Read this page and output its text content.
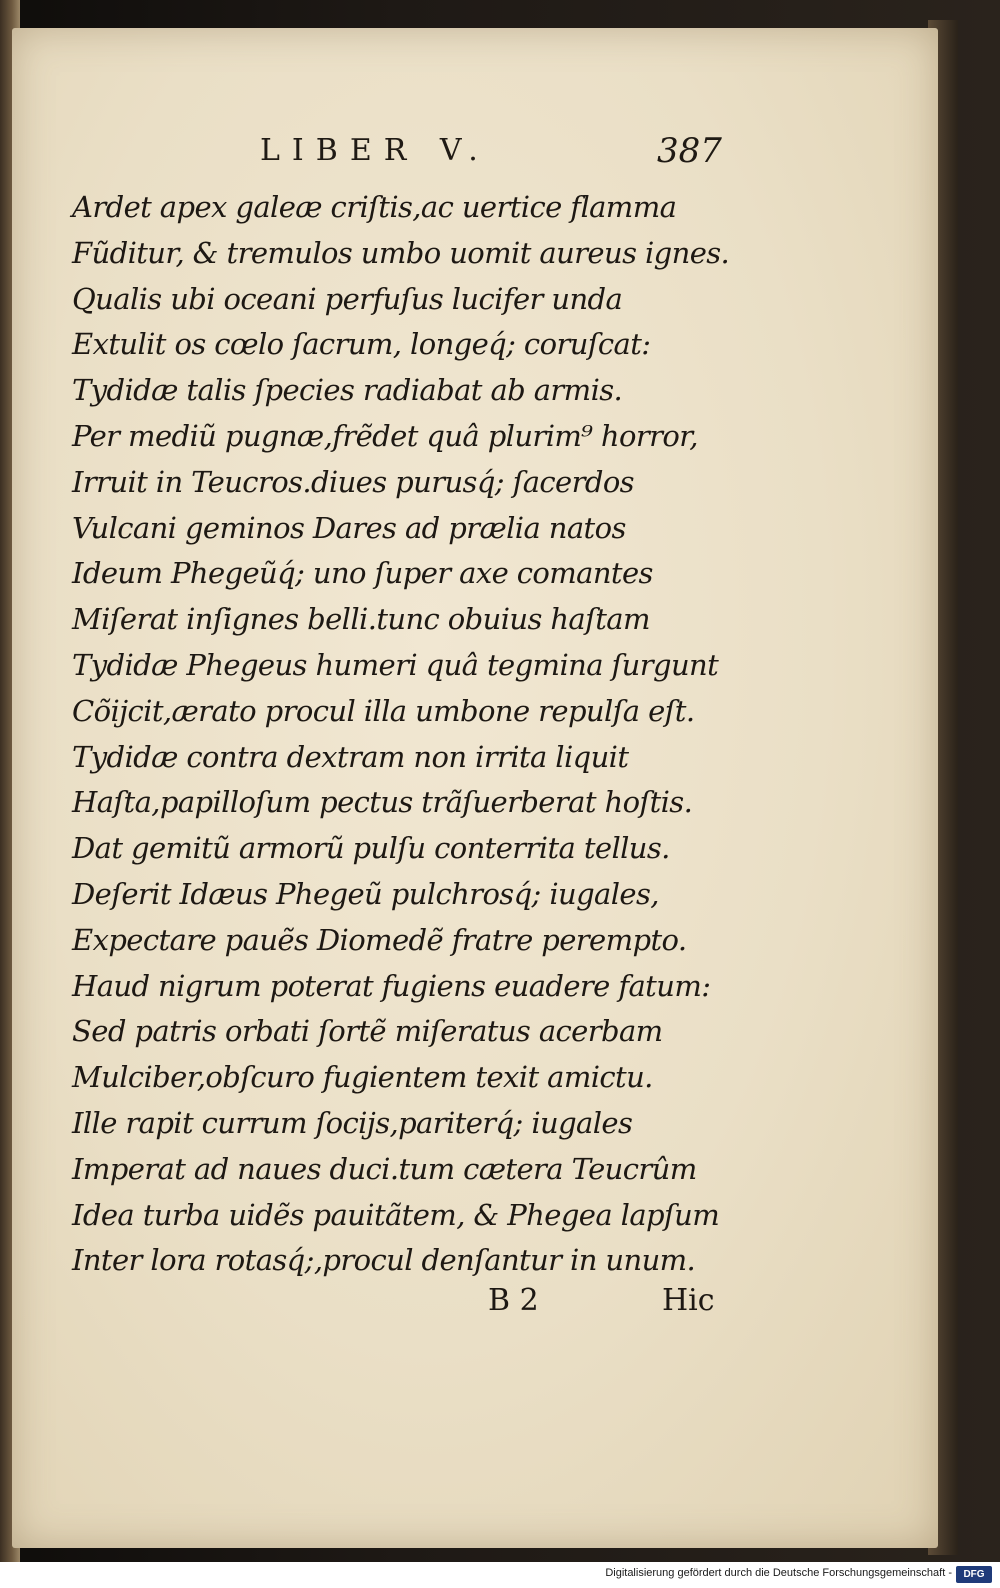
LIBER V.	387
Ardet apex galeæ criſtis,ac uertice flamma
Fũditur, & tremulos umbo uomit aureus ignes.
Qualis ubi oceani perfuſus lucifer unda
Extulit os cœlo ſacrum, longeq́; coruſcat:
Tydidæ talis ſpecies radiabat ab armis.
Per mediũ pugnæ,frẽdet quâ plurim⁹ horror,
Irruit in Teucros.diues purusq́; ſacerdos
Vulcani geminos Dares ad prælia natos
Ideum Phegeũq́; uno ſuper axe comantes
Miſerat inſignes belli.tunc obuius haſtam
Tydidæ Phegeus humeri quâ tegmina ſurgunt
Cõijcit,ærato procul illa umbone repulſa eſt.
Tydidæ contra dextram non irrita liquit
Haſta,papilloſum pectus trãſuerberat hoſtis.
Dat gemitũ armorũ pulſu conterrita tellus.
Deſerit Idæus Phegeũ pulchrosq́; iugales,
Expectare pauẽs Diomedẽ fratre perempto.
Haud nigrum poterat fugiens euadere fatum:
Sed patris orbati ſortẽ miſeratus acerbam
Mulciber,obſcuro fugientem texit amictu.
Ille rapit currum ſocijs,pariterq́; iugales
Imperat ad naues duci.tum cætera Teucrûm
Idea turba uidẽs pauitãtem, & Phegea lapſum
Inter lora rotasq́;,procul denſantur in unum.
B 2	Hic
Digitalisierung gefördert durch die Deutsche Forschungsgemeinschaft -	DFG
